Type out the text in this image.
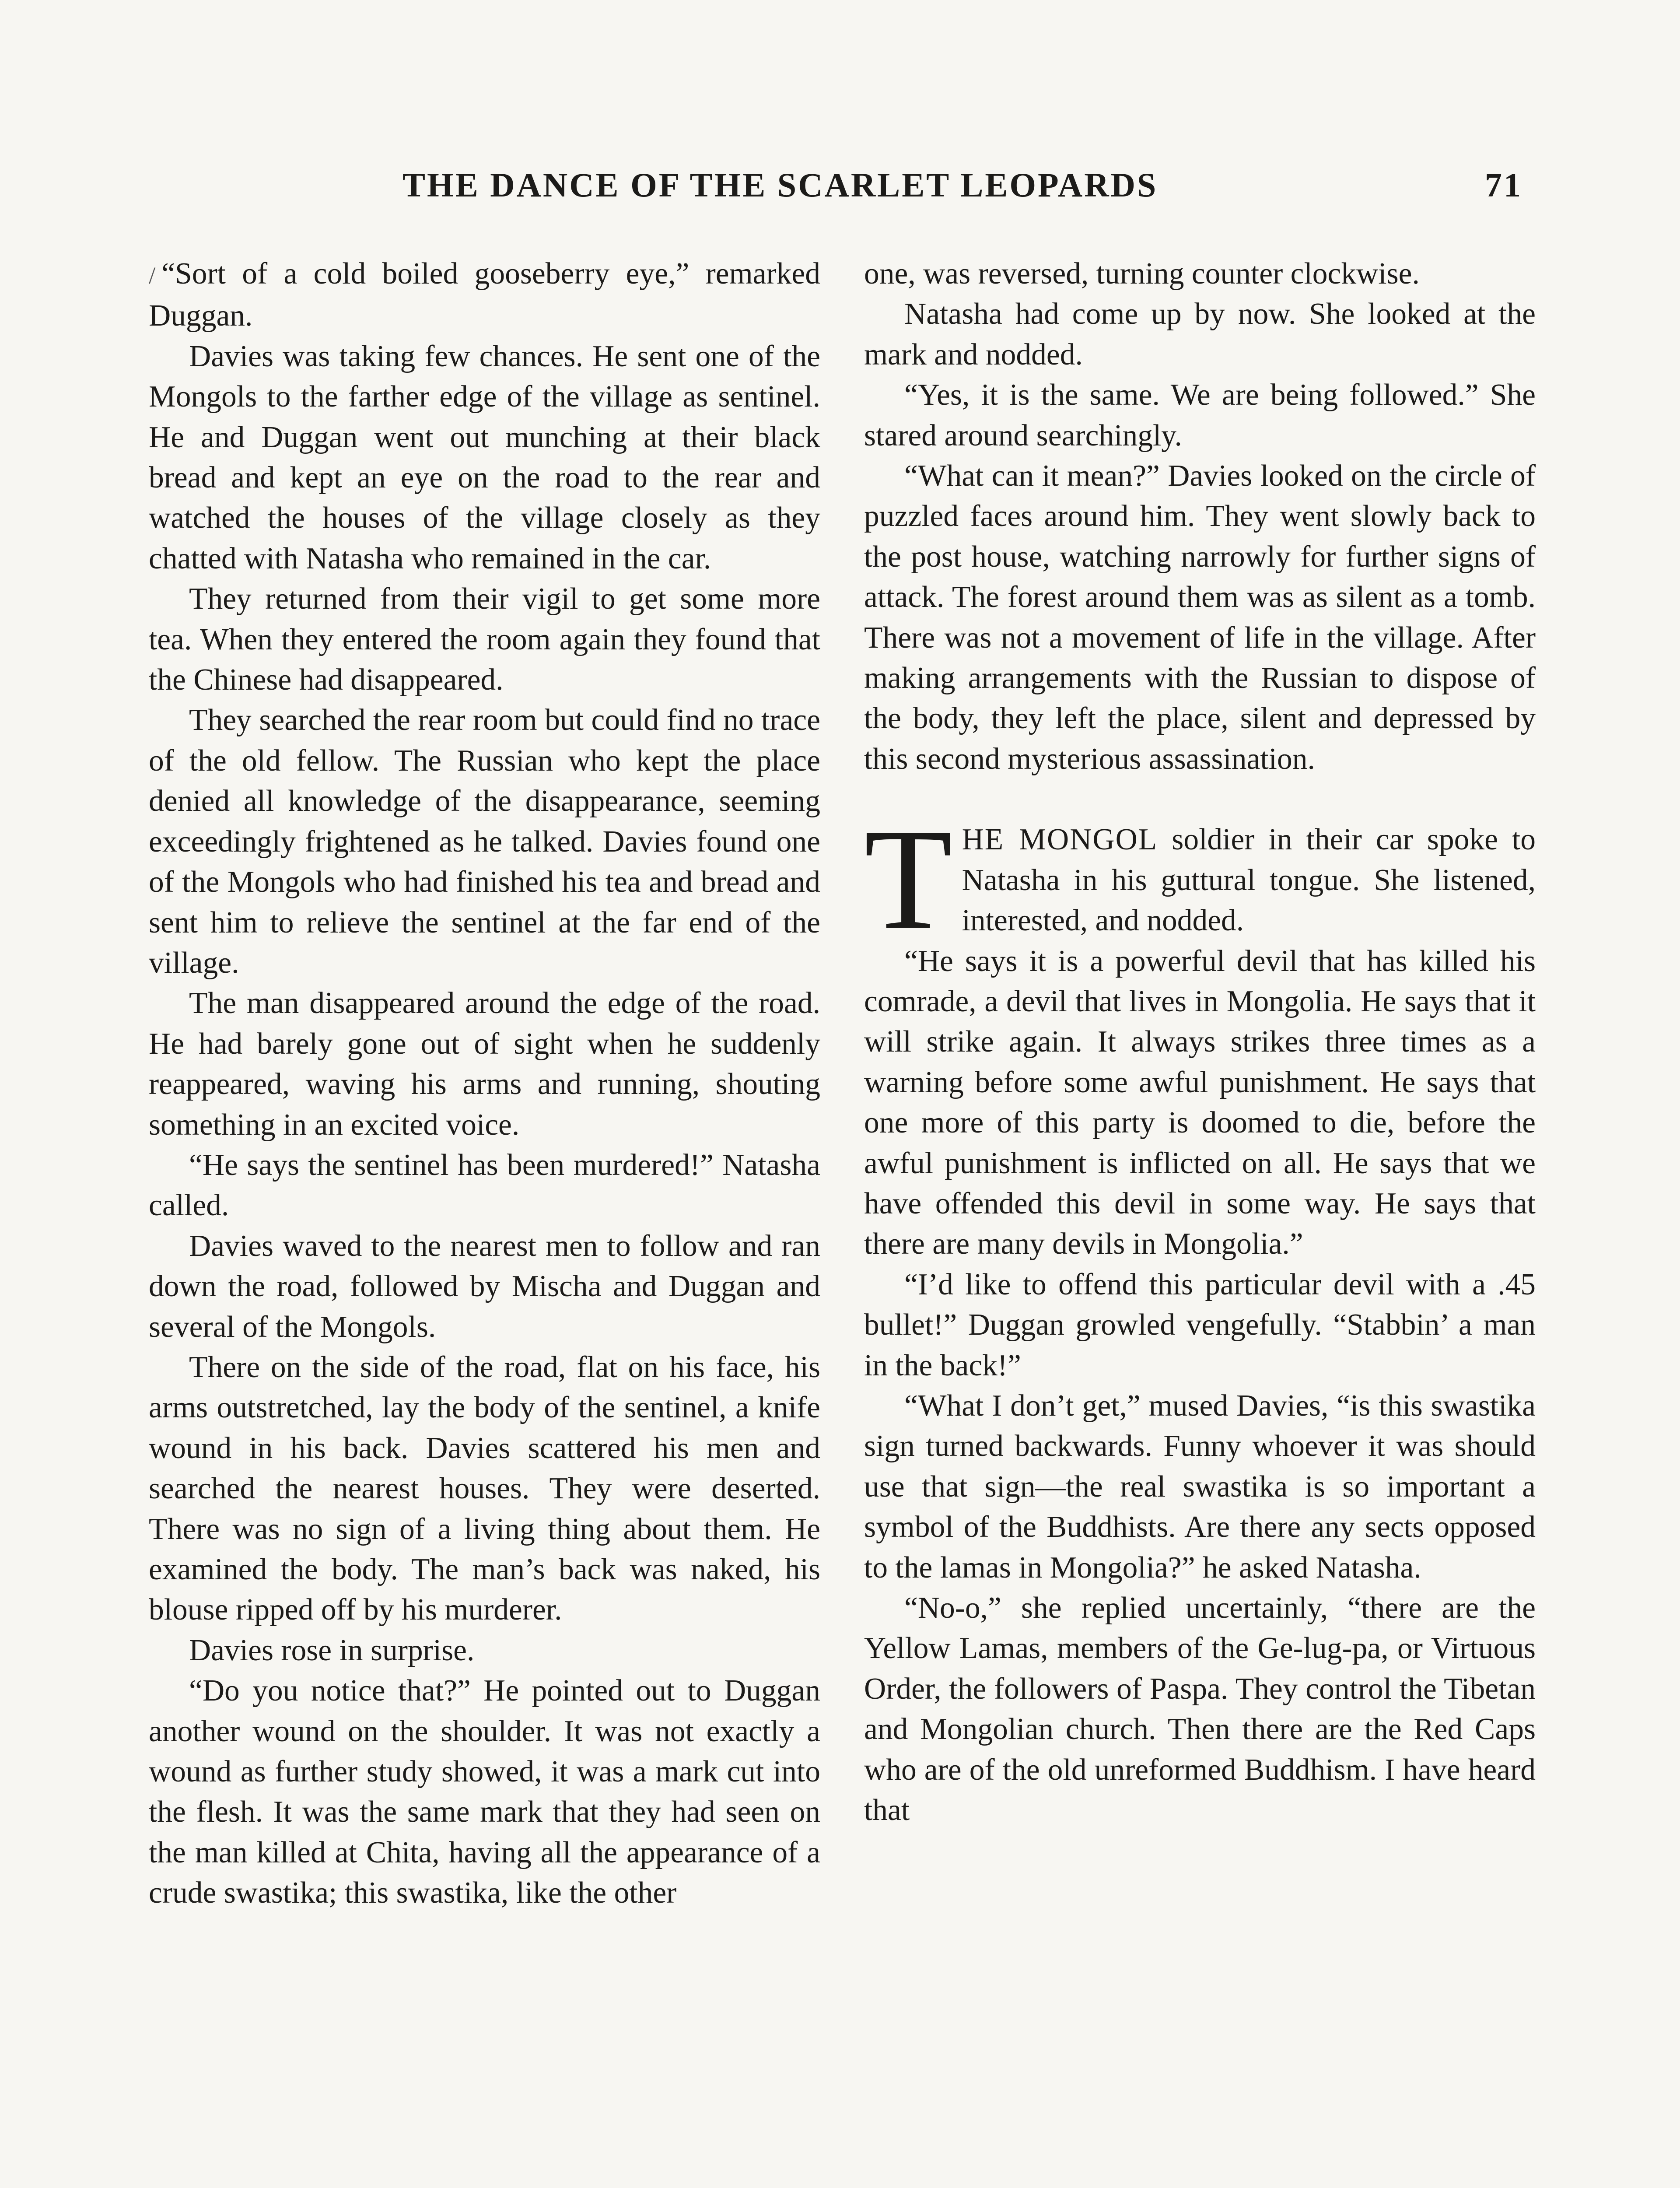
THE DANCE OF THE SCARLET LEOPARDS	71

/ “Sort of a cold boiled gooseberry eye,” remarked Duggan.

Davies was taking few chances. He sent one of the Mongols to the farther edge of the village as sentinel. He and Duggan went out munching at their black bread and kept an eye on the road to the rear and watched the houses of the village closely as they chatted with Natasha who remained in the car.

They returned from their vigil to get some more tea. When they entered the room again they found that the Chinese had disappeared.

They searched the rear room but could find no trace of the old fellow. The Russian who kept the place denied all knowledge of the disappearance, seeming exceedingly frightened as he talked. Davies found one of the Mongols who had finished his tea and bread and sent him to relieve the sentinel at the far end of the village.

The man disappeared around the edge of the road. He had barely gone out of sight when he suddenly reappeared, waving his arms and running, shouting something in an excited voice.

“He says the sentinel has been murdered!” Natasha called.

Davies waved to the nearest men to follow and ran down the road, followed by Mischa and Duggan and several of the Mongols.

There on the side of the road, flat on his face, his arms outstretched, lay the body of the sentinel, a knife wound in his back. Davies scattered his men and searched the nearest houses. They were deserted. There was no sign of a living thing about them. He examined the body. The man’s back was naked, his blouse ripped off by his murderer.

Davies rose in surprise.

“Do you notice that?” He pointed out to Duggan another wound on the shoulder. It was not exactly a wound as further study showed, it was a mark cut into the flesh. It was the same mark that they had seen on the man killed at Chita, having all the appearance of a crude swastika; this swastika, like the other

one, was reversed, turning counter clockwise.

Natasha had come up by now. She looked at the mark and nodded.

“Yes, it is the same. We are being followed.” She stared around searchingly.

“What can it mean?” Davies looked on the circle of puzzled faces around him. They went slowly back to the post house, watching narrowly for further signs of attack. The forest around them was as silent as a tomb. There was not a movement of life in the village. After making arrangements with the Russian to dispose of the body, they left the place, silent and depressed by this second mysterious assassination.

THE MONGOL soldier in their car spoke to Natasha in his guttural tongue. She listened, interested, and nodded.

“He says it is a powerful devil that has killed his comrade, a devil that lives in Mongolia. He says that it will strike again. It always strikes three times as a warning before some awful punishment. He says that one more of this party is doomed to die, before the awful punishment is inflicted on all. He says that we have offended this devil in some way. He says that there are many devils in Mongolia.”

“I’d like to offend this particular devil with a .45 bullet!” Duggan growled vengefully. “Stabbin’ a man in the back!”

“What I don’t get,” mused Davies, “is this swastika sign turned backwards. Funny whoever it was should use that sign—the real swastika is so important a symbol of the Buddhists. Are there any sects opposed to the lamas in Mongolia?” he asked Natasha.

“No-o,” she replied uncertainly, “there are the Yellow Lamas, members of the Ge-lug-pa, or Virtuous Order, the followers of Paspa. They control the Tibetan and Mongolian church. Then there are the Red Caps who are of the old unreformed Buddhism. I have heard that
